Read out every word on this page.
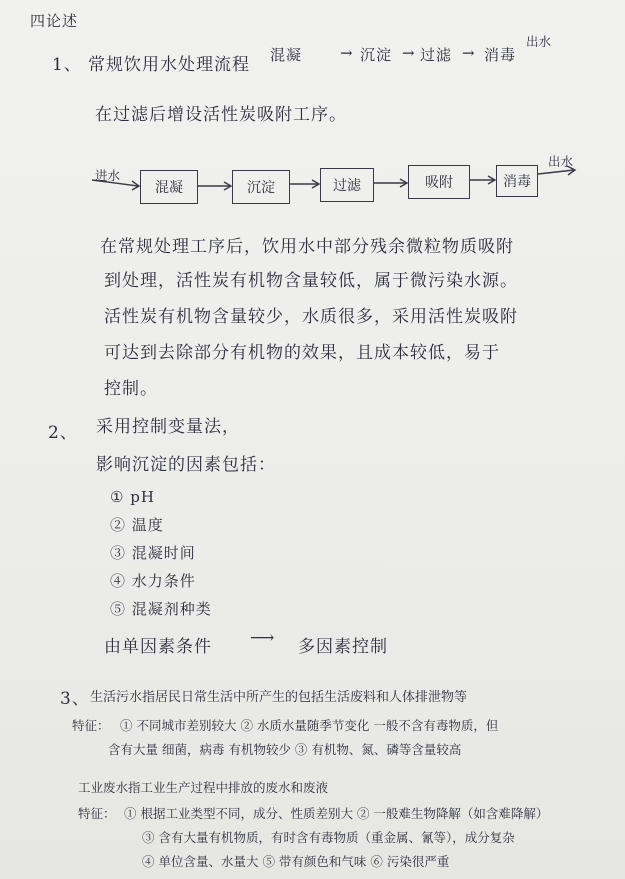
四论述
1、 常规饮用水处理流程 混凝	→ 沉淀 → 过滤 → 消毒
出水
在过滤后增设活性炭吸附工序。
进水
混凝	沉淀	过滤	吸附	消毒
出水
在常规处理工序后，饮用水中部分残余微粒物质吸附
到处理，活性炭有机物含量较低，属于微污染水源。
活性炭有机物含量较少，水质很多，采用活性炭吸附
可达到去除部分有机物的效果，且成本较低，易于
控制。
2、 采用控制变量法，
影响沉淀的因素包括：
① pH
② 温度
③ 混凝时间
④ 水力条件
⑤ 混凝剂种类
由单因素条件 ⟶ 多因素控制
3、 生活污水指居民日常生活中所产生的包括生活废料和人体排泄物等
特征： ① 不同城市差别较大 ② 水质水量随季节变化 一般不含有毒物质，但
含有大量 细菌，病毒 有机物较少 ③ 有机物、氮、磷等含量较高
工业废水指工业生产过程中排放的废水和废液
特征： ① 根据工业类型不同，成分、性质差别大 ② 一般难生物降解（如含难降解）
③ 含有大量有机物质，有时含有毒物质（重金属、氰等），成分复杂
④ 单位含量、水量大 ⑤ 带有颜色和气味 ⑥ 污染很严重
